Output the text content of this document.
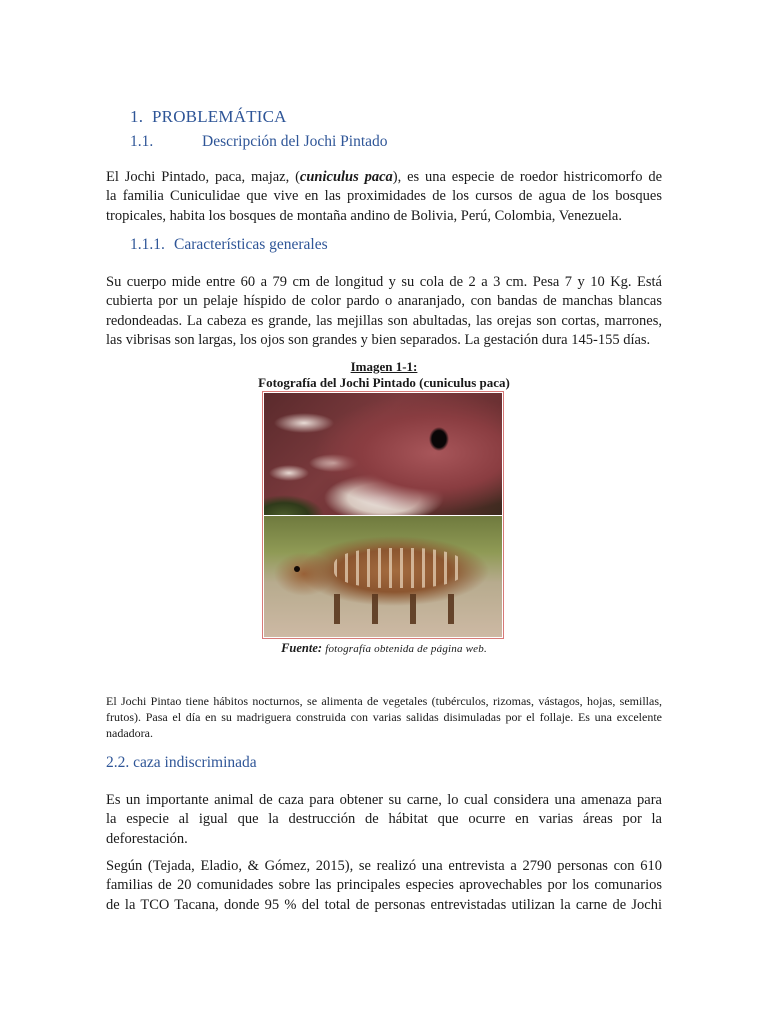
1. PROBLEMÁTICA
1.1.	Descripción del Jochi Pintado
El Jochi Pintado, paca, majaz, (cuniculus paca), es una especie de roedor histricomorfo de
la familia Cuniculidae que vive en las proximidades de los cursos de agua de los bosques
tropicales, habita los bosques de montaña andino de Bolivia, Perú, Colombia, Venezuela.
1.1.1. Características generales
Su cuerpo mide entre 60 a 79 cm de longitud y su cola de 2 a 3 cm. Pesa 7 y 10 Kg. Está
cubierta por un pelaje híspido de color pardo o anaranjado, con bandas de manchas blancas
redondeadas. La cabeza es grande, las mejillas son abultadas, las orejas son cortas, marrones,
las vibrisas son largas, los ojos son grandes y bien separados. La gestación dura 145-155 días.
Imagen 1-1:
Fotografía del Jochi Pintado (cuniculus paca)
Fuente: fotografía obtenida de página web.
El Jochi Pintao tiene hábitos nocturnos, se alimenta de vegetales (tubérculos, rizomas, vástagos, hojas, semillas,
frutos). Pasa el día en su madriguera construida con varias salidas disimuladas por el follaje. Es una excelente
nadadora.
2.2. caza indiscriminada
Es un importante animal de caza para obtener su carne, lo cual considera una amenaza para
la especie al igual que la destrucción de hábitat que ocurre en varias áreas por la
deforestación.
Según (Tejada, Eladio, & Gómez, 2015), se realizó una entrevista a 2790 personas con 610
familias de 20 comunidades sobre las principales especies aprovechables por los comunarios
de la TCO Tacana, donde 95 % del total de personas entrevistadas utilizan la carne de Jochi
